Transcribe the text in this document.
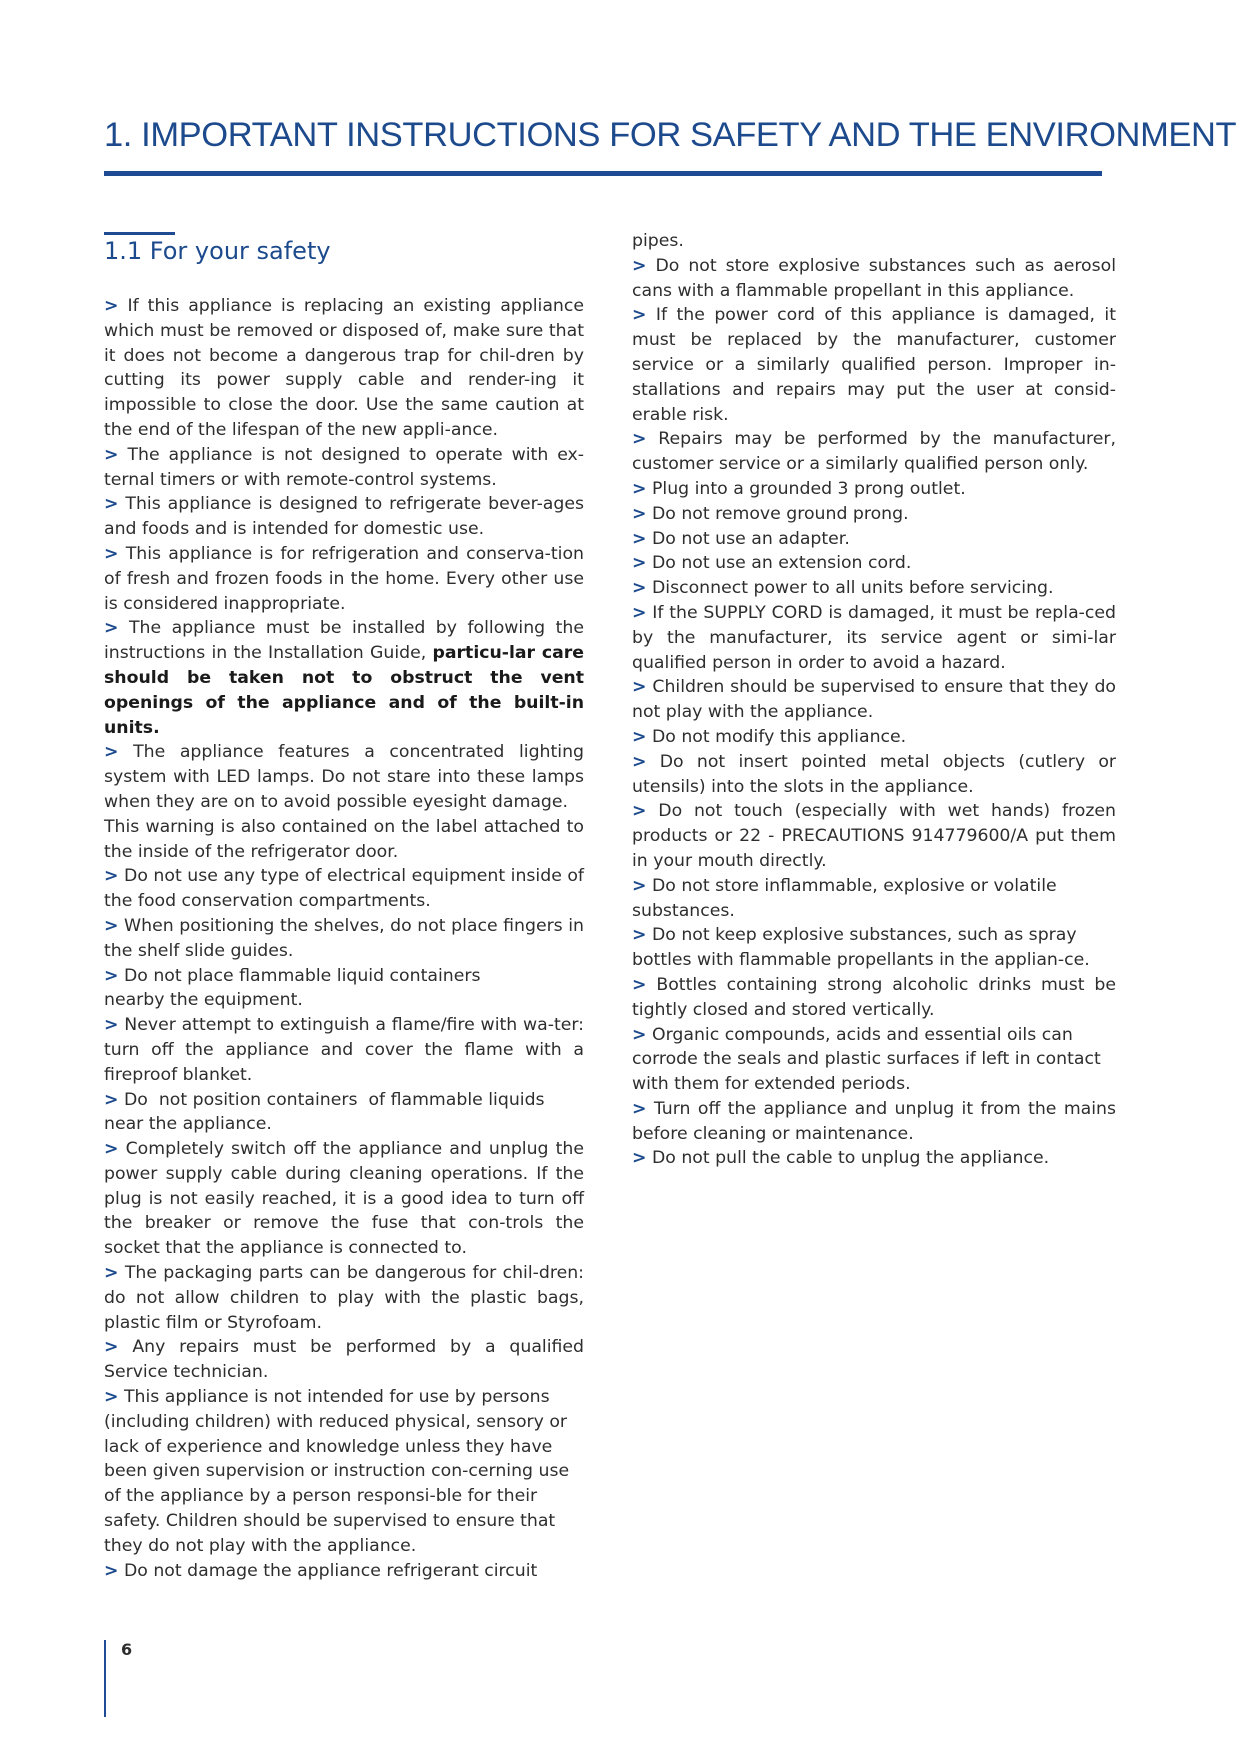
1. IMPORTANT INSTRUCTIONS FOR SAFETY AND THE ENVIRONMENT
1.1 For your safety

> If this appliance is replacing an existing appliance which must be removed or disposed of, make sure that it does not become a dangerous trap for chil-dren by cutting its power supply cable and render-ing it impossible to close the door. Use the same caution at the end of the lifespan of the new appli-ance.

> The appliance is not designed to operate with ex-ternal timers or with remote-control systems.

> This appliance is designed to refrigerate bever-ages and foods and is intended for domestic use.

> This appliance is for refrigeration and conserva-tion of fresh and frozen foods in the home. Every other use is considered inappropriate.

> The appliance must be installed by following the instructions in the Installation Guide, particu-lar care should be taken not to obstruct the vent openings of the appliance and of the built-in units.

> The appliance features a concentrated lighting system with LED lamps. Do not stare into these lamps when they are on to avoid possible eyesight damage.

This warning is also contained on the label attached to the inside of the refrigerator door.

> Do not use any type of electrical equipment inside of the food conservation compartments.

> When positioning the shelves, do not place fingers in the shelf slide guides.

> Do not place flammable liquid containers nearby the equipment.

> Never attempt to extinguish a flame/fire with wa-ter: turn off the appliance and cover the flame with a fireproof blanket.

> Do  not position containers  of flammable liquids near the appliance.

> Completely switch off the appliance and unplug the power supply cable during cleaning operations. If the plug is not easily reached, it is a good idea to turn off the breaker or remove the fuse that con-trols the socket that the appliance is connected to.

> The packaging parts can be dangerous for chil-dren: do not allow children to play with the plastic bags, plastic film or Styrofoam.

> Any repairs must be performed by a qualified Service technician.

> This appliance is not intended for use by persons (including children) with reduced physical, sensory or lack of experience and knowledge unless they have been given supervision or instruction con-cerning use of the appliance by a person responsi-ble for their safety. Children should be supervised to ensure that they do not play with the appliance.

> Do not damage the appliance refrigerant circuit

pipes.

> Do not store explosive substances such as aerosol cans with a flammable propellant in this appliance.

> If the power cord of this appliance is damaged, it must be replaced by the manufacturer, customer service or a similarly qualified person. Improper in-stallations and repairs may put the user at consid-erable risk.

> Repairs may be performed by the manufacturer, customer service or a similarly qualified person only.

> Plug into a grounded 3 prong outlet.

> Do not remove ground prong.

> Do not use an adapter.

> Do not use an extension cord.

> Disconnect power to all units before servicing.

> If the SUPPLY CORD is damaged, it must be repla-ced by the manufacturer, its service agent or simi-lar qualified person in order to avoid a hazard.

> Children should be supervised to ensure that they do not play with the appliance.

> Do not modify this appliance.

> Do not insert pointed metal objects (cutlery or utensils) into the slots in the appliance.

> Do not touch (especially with wet hands) frozen products or 22 - PRECAUTIONS 914779600/A put them in your mouth directly.

> Do not store inflammable, explosive or volatile substances.

> Do not keep explosive substances, such as spray bottles with flammable propellants in the applian-ce.

> Bottles containing strong alcoholic drinks must be tightly closed and stored vertically.

> Organic compounds, acids and essential oils can corrode the seals and plastic surfaces if left in contact with them for extended periods.

> Turn off the appliance and unplug it from the mains before cleaning or maintenance.

> Do not pull the cable to unplug the appliance.

6
